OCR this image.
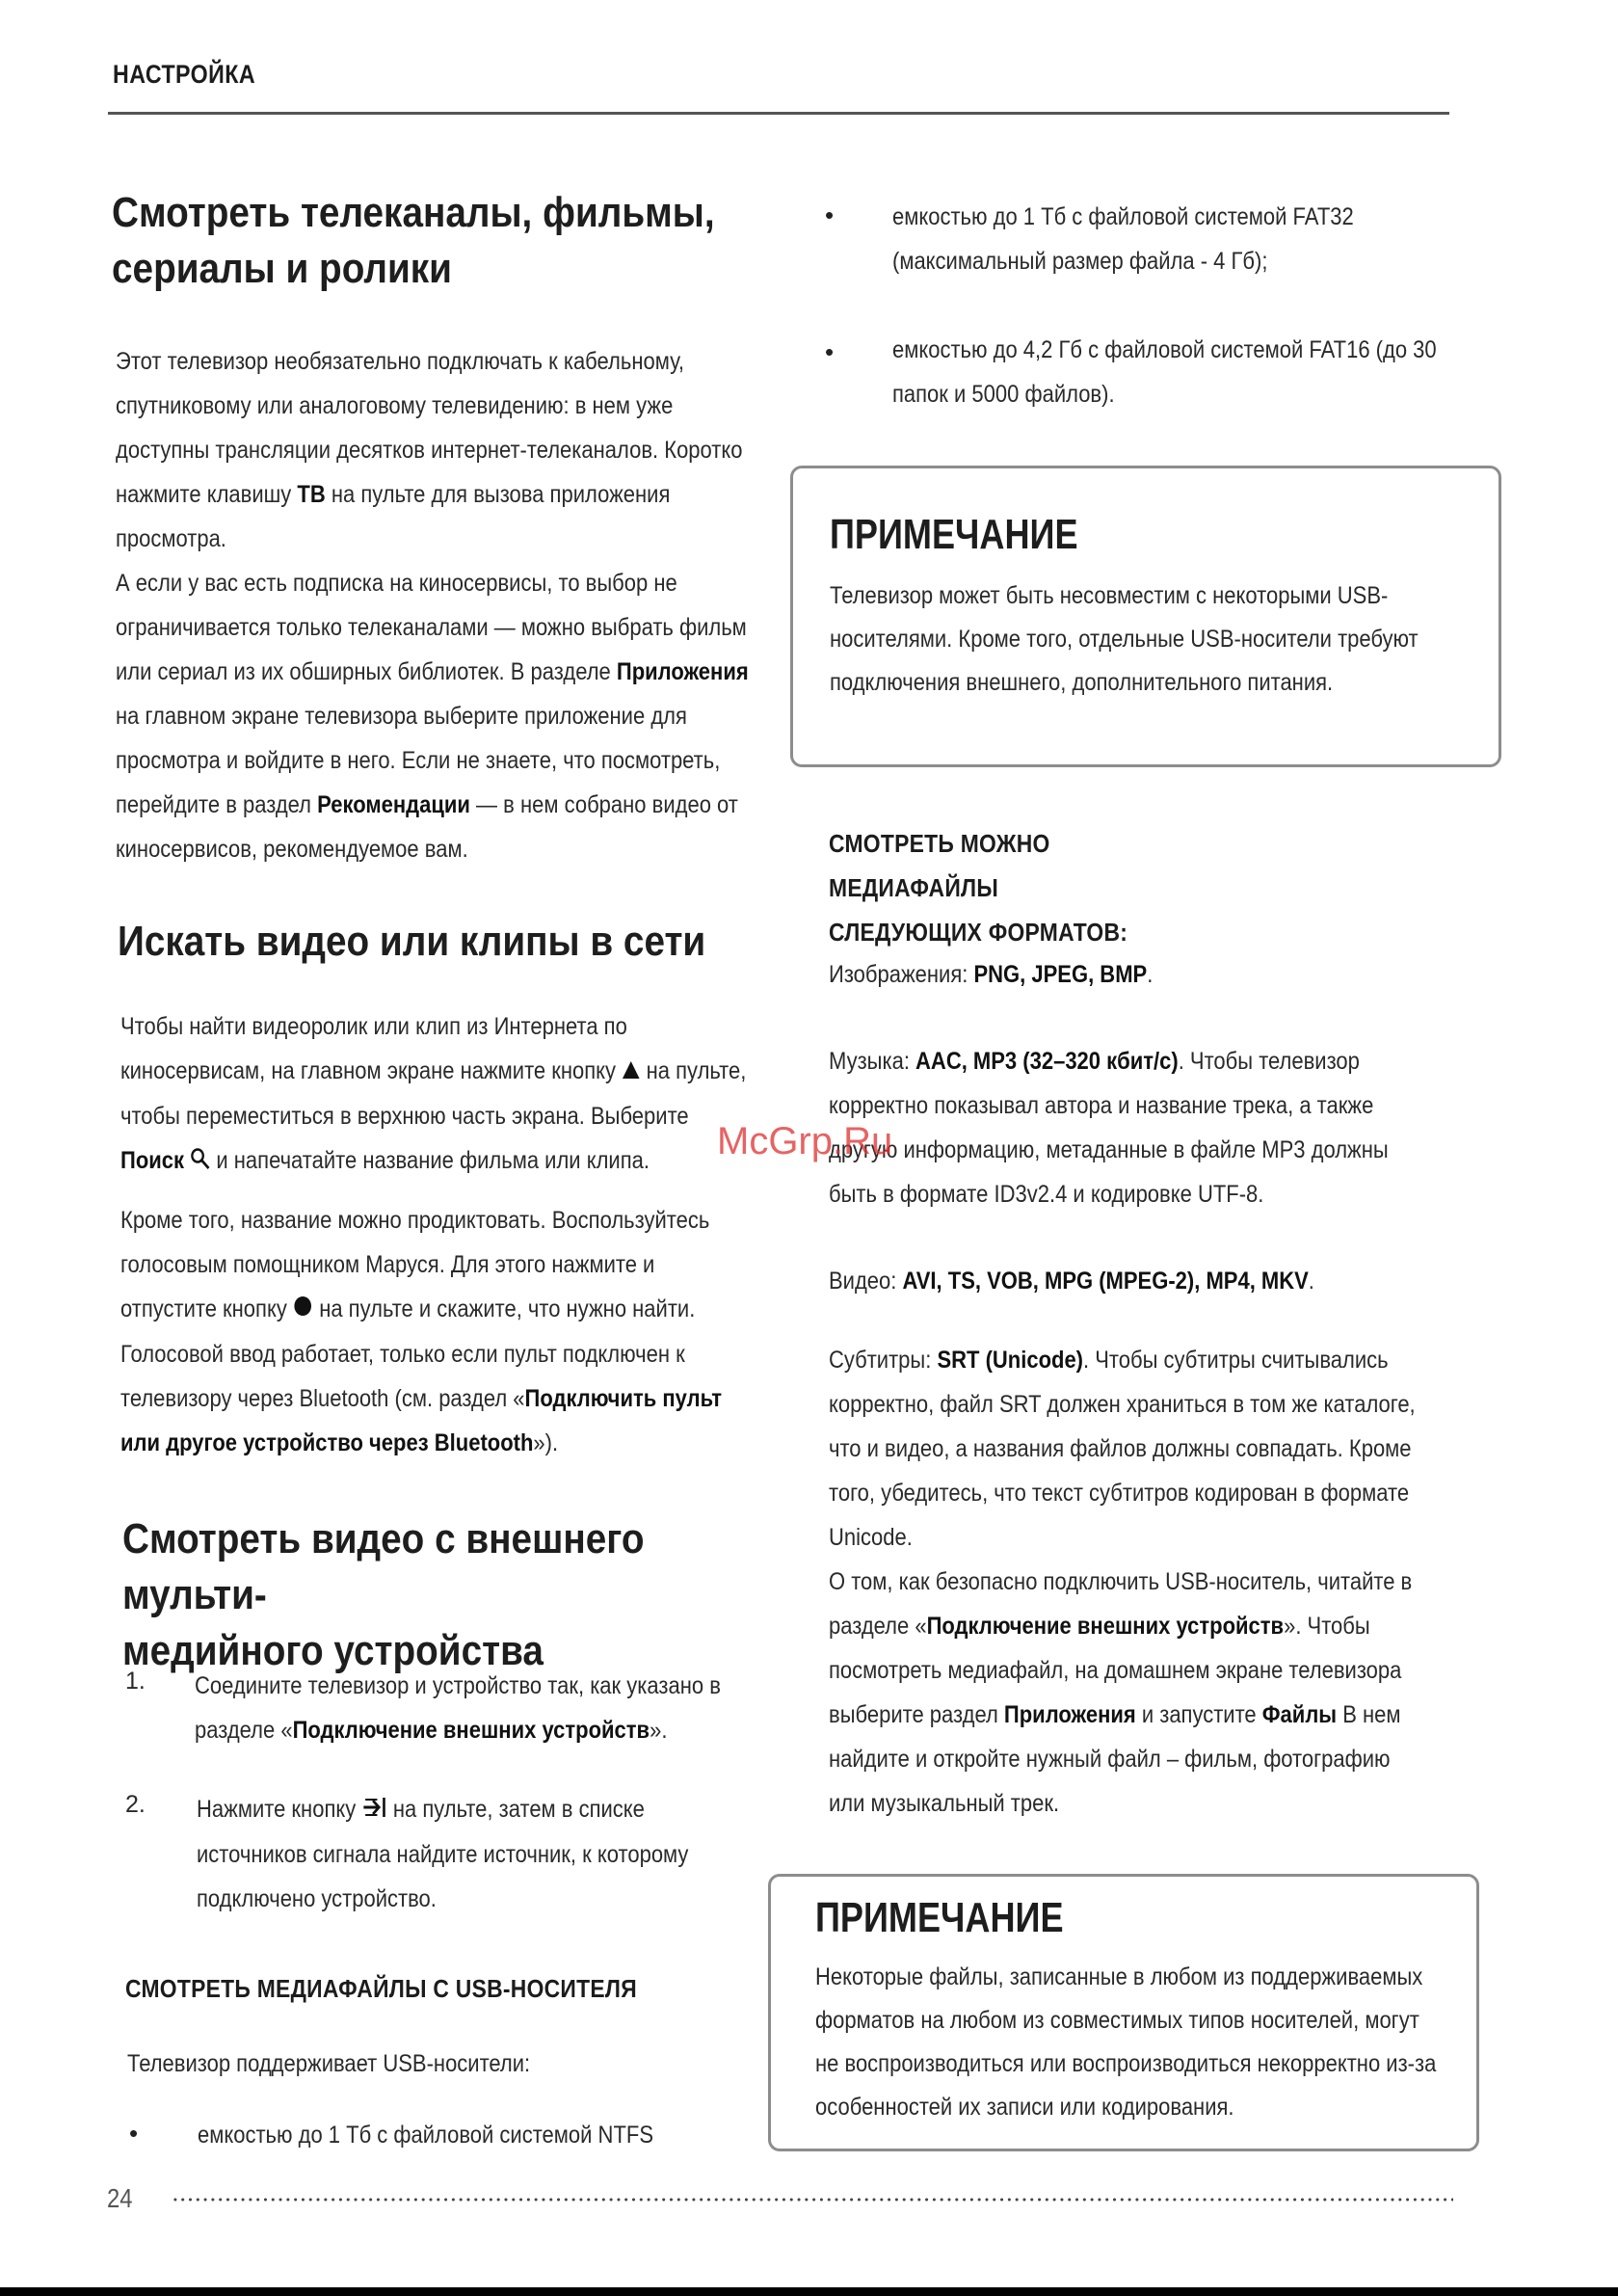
НАСТРОЙКА
Смотреть телеканалы, фильмы,
сериалы и ролики

Этот телевизор необязательно подключать к кабельному, спутниковому или аналоговому телевидению: в нем уже доступны трансляции десятков интернет-телеканалов. Коротко нажмите клавишу ТВ на пульте для вызова приложения просмотра.

А если у вас есть подписка на киносервисы, то выбор не ограничивается только телеканалами — можно выбрать фильм или сериал из их обширных библиотек. В разделе Приложения на главном экране телевизора выберите приложение для просмотра и войдите в него. Если не знаете, что посмотреть, перейдите в раздел Рекомендации — в нем собрано видео от киносервисов, рекомендуемое вам.

Искать видео или клипы в сети

Чтобы найти видеоролик или клип из Интернета по киносервисам, на главном экране нажмите кнопку  на пульте, чтобы переместиться в верхнюю часть экрана. Выберите Поиск  и напечатайте название фильма или клипа.

Кроме того, название можно продиктовать. Воспользуйтесь голосовым помощником Маруся. Для этого нажмите и отпустите кнопку  на пульте и скажите, что нужно найти. Голосовой ввод работает, только если пульт подключен к телевизору через Bluetooth (см. раздел «Подключить пульт или другое устройство через Bluetooth»).

Смотреть видео с внешнего мульти-
медийного устройства
1. Соедините телевизор и устройство так, как указано в разделе «Подключение внешних устройств».

2. Нажмите кнопку  на пульте, затем в списке источников сигнала найдите источник, к которому подключено устройство.

СМОТРЕТЬ МЕДИАФАЙЛЫ С USB-НОСИТЕЛЯ
Телевизор поддерживает USB-носители:
• емкостью до 1 Тб с файловой системой NTFS
• емкостью до 1 Тб с файловой системой FAT32 (максимальный размер файла - 4 Гб);

• емкостью до 4,2 Гб с файловой системой FAT16 (до 30 папок и 5000 файлов).

ПРИМЕЧАНИЕ
Телевизор может быть несовместим с некоторыми USB-носителями. Кроме того, отдельные USB-носители требуют подключения внешнего, дополнительного питания.
СМОТРЕТЬ МОЖНО МЕДИАФАЙЛЫ
СЛЕДУЮЩИХ ФОРМАТОВ:

Изображения: PNG, JPEG, BMP.

Музыка: AAC, MP3 (32–320 кбит/с). Чтобы телевизор корректно показывал автора и название трека, а также другую информацию, метаданные в файле MP3 должны быть в формате ID3v2.4 и кодировке UTF-8.

Видео: AVI, TS, VOB, MPG (MPEG-2), MP4, MKV.

Субтитры: SRT (Unicode). Чтобы субтитры считывались корректно, файл SRT должен храниться в том же каталоге, что и видео, а названия файлов должны совпадать. Кроме того, убедитесь, что текст субтитров кодирован в формате Unicode.

О том, как безопасно подключить USB-носитель, читайте в разделе «Подключение внешних устройств». Чтобы посмотреть медиафайл, на домашнем экране телевизора выберите раздел Приложения и запустите Файлы В нем найдите и откройте нужный файл – фильм, фотографию или музыкальный трек.

ПРИМЕЧАНИЕ
Некоторые файлы, записанные в любом из поддерживаемых форматов на любом из совместимых типов носителей, могут не воспроизводиться или воспроизводиться некорректно из-за особенностей их записи или кодирования.
McGrp.Ru
24
